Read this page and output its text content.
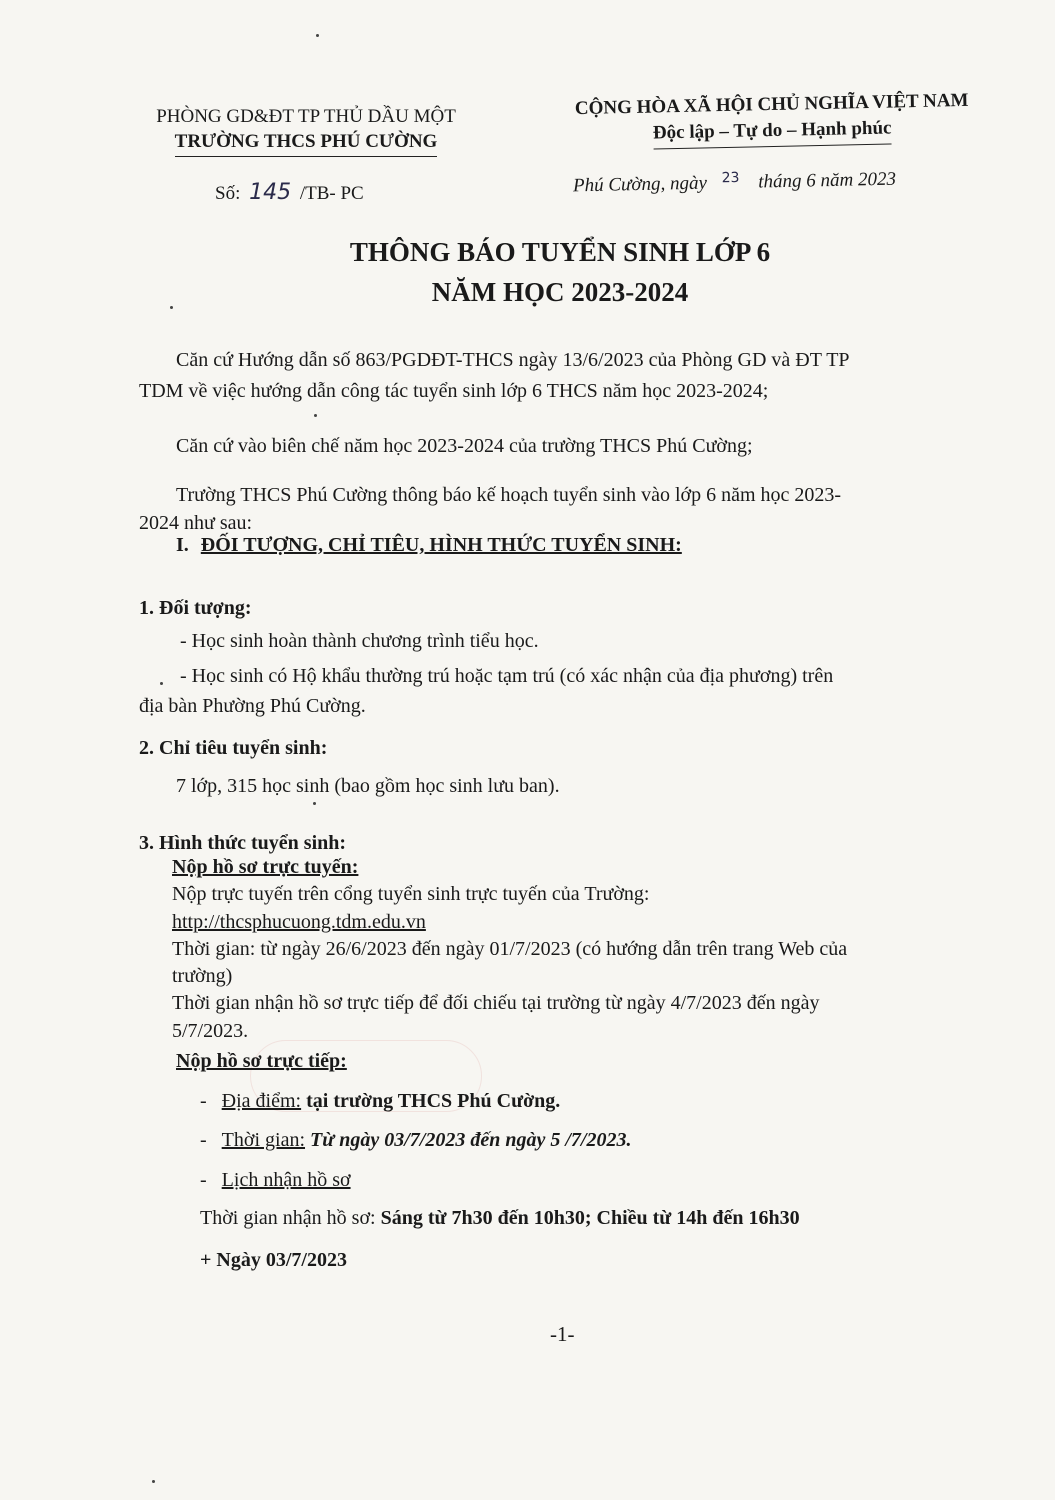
PHÒNG GD&ĐT TP THỦ DẦU MỘT
TRƯỜNG THCS PHÚ CƯỜNG
CỘNG HÒA XÃ HỘI CHỦ NGHĨA VIỆT NAM
Độc lập – Tự do – Hạnh phúc
Số: 145 /TB- PC	Phú Cường, ngày $^{23}$ tháng 6 năm 2023
THÔNG BÁO TUYỂN SINH LỚP 6
NĂM HỌC 2023-2024
Căn cứ Hướng dẫn số 863/PGDĐT-THCS ngày 13/6/2023 của Phòng GD và ĐT TP
TDM về việc hướng dẫn công tác tuyển sinh lớp 6 THCS năm học 2023-2024;
Căn cứ vào biên chế năm học 2023-2024 của trường THCS Phú Cường;
Trường THCS Phú Cường thông báo kế hoạch tuyển sinh vào lớp 6 năm học 2023-
2024 như sau:
I. ĐỐI TƯỢNG, CHỈ TIÊU, HÌNH THỨC TUYỂN SINH:
1. Đối tượng:
- Học sinh hoàn thành chương trình tiểu học.
- Học sinh có Hộ khẩu thường trú hoặc tạm trú (có xác nhận của địa phương) trên
địa bàn Phường Phú Cường.
2. Chỉ tiêu tuyển sinh:
7 lớp, 315 học sinh (bao gồm học sinh lưu ban).
3. Hình thức tuyển sinh:
Nộp hồ sơ trực tuyến:
Nộp trực tuyến trên cổng tuyển sinh trực tuyến của Trường:
http://thcsphucuong.tdm.edu.vn
Thời gian: từ ngày 26/6/2023 đến ngày 01/7/2023 (có hướng dẫn trên trang Web của
trường)
Thời gian nhận hồ sơ trực tiếp để đối chiếu tại trường từ ngày 4/7/2023 đến ngày
5/7/2023.
Nộp hồ sơ trực tiếp:
-   Địa điểm: tại trường THCS Phú Cường.
-   Thời gian: Từ ngày 03/7/2023 đến ngày 5 /7/2023.
-   Lịch nhận hồ sơ
Thời gian nhận hồ sơ: Sáng từ 7h30 đến 10h30; Chiều từ 14h đến 16h30
+ Ngày 03/7/2023
-1-
